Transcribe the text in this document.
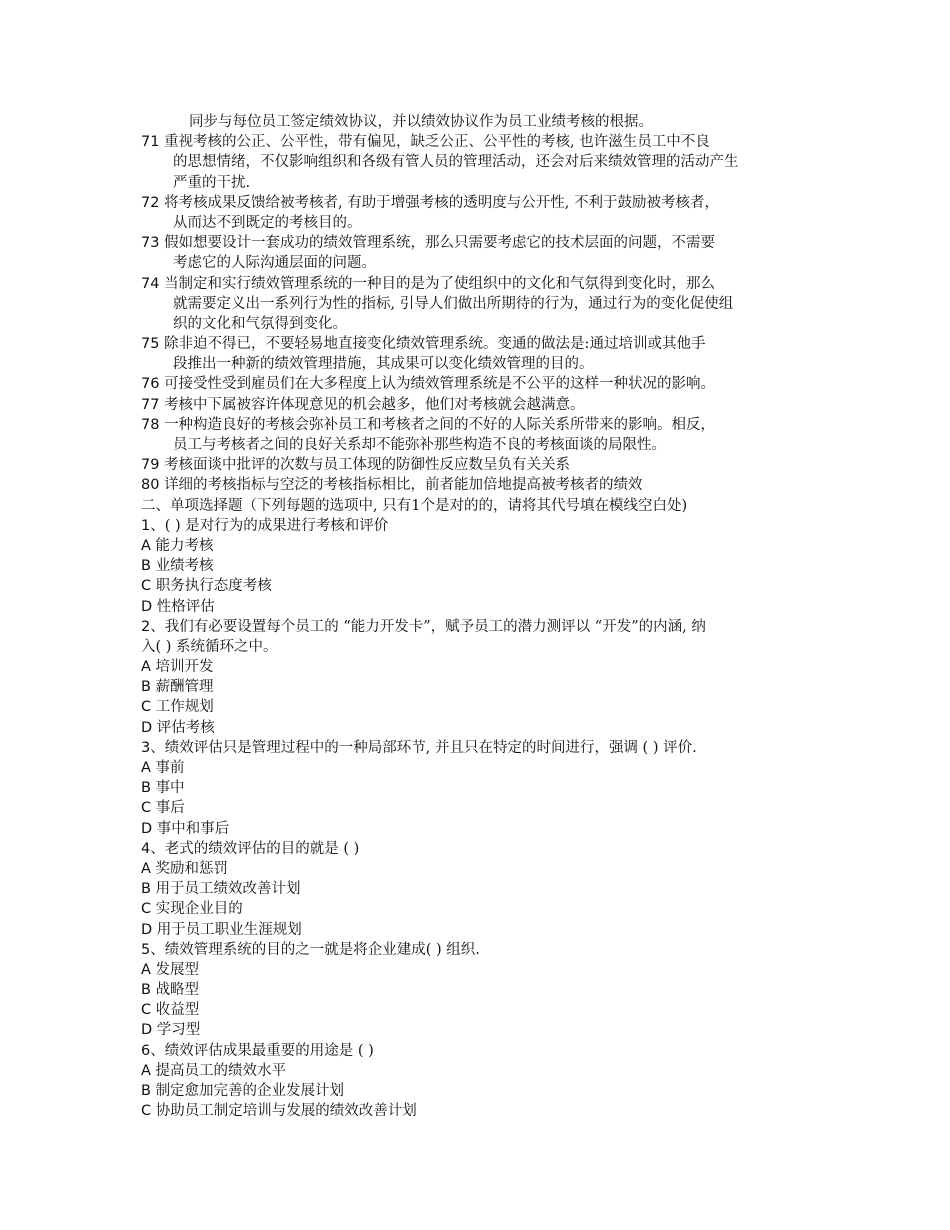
同步与每位员工签定绩效协议，并以绩效协议作为员工业绩考核的根据。
71 重视考核的公正、公平性，带有偏见，缺乏公正、公平性的考核, 也许滋生员工中不良
的思想情绪，不仅影响组织和各级有管人员的管理活动，还会对后来绩效管理的活动产生
严重的干扰.
72 将考核成果反馈给被考核者, 有助于增强考核的透明度与公开性, 不利于鼓励被考核者，
从而达不到既定的考核目的。
73 假如想要设计一套成功的绩效管理系统，那么只需要考虑它的技术层面的问题，不需要
考虑它的人际沟通层面的问题。
74 当制定和实行绩效管理系统的一种目的是为了使组织中的文化和气氛得到变化时，那么
就需要定义出一系列行为性的指标, 引导人们做出所期待的行为，通过行为的变化促使组
织的文化和气氛得到变化。
75 除非迫不得已，不要轻易地直接变化绩效管理系统。变通的做法是:通过培训或其他手
段推出一种新的绩效管理措施，其成果可以变化绩效管理的目的。
76 可接受性受到雇员们在大多程度上认为绩效管理系统是不公平的这样一种状况的影响。
77 考核中下属被容许体现意见的机会越多，他们对考核就会越满意。
78 一种构造良好的考核会弥补员工和考核者之间的不好的人际关系所带来的影响。相反，
员工与考核者之间的良好关系却不能弥补那些构造不良的考核面谈的局限性。
79 考核面谈中批评的次数与员工体现的防御性反应数呈负有关关系
80 详细的考核指标与空泛的考核指标相比，前者能加倍地提高被考核者的绩效
二、单项选择题（下列每题的选项中, 只有1个是对的的，请将其代号填在模线空白处)
1、( ) 是对行为的成果进行考核和评价
A 能力考核
B 业绩考核
C 职务执行态度考核
D 性格评估
2、我们有必要设置每个员工的 “能力开发卡”，赋予员工的潜力测评以 “开发”的内涵, 纳
入( ) 系统循环之中。
A 培训开发
B 薪酬管理
C 工作规划
D 评估考核
3、绩效评估只是管理过程中的一种局部环节, 并且只在特定的时间进行，强调 ( ) 评价.
A 事前
B 事中
C 事后
D 事中和事后
4、老式的绩效评估的目的就是 ( )
A 奖励和惩罚
B 用于员工绩效改善计划
C 实现企业目的
D 用于员工职业生涯规划
5、绩效管理系统的目的之一就是将企业建成( ) 组织.
A 发展型
B 战略型
C 收益型
D 学习型
6、绩效评估成果最重要的用途是 ( )
A 提高员工的绩效水平
B 制定愈加完善的企业发展计划
C 协助员工制定培训与发展的绩效改善计划
